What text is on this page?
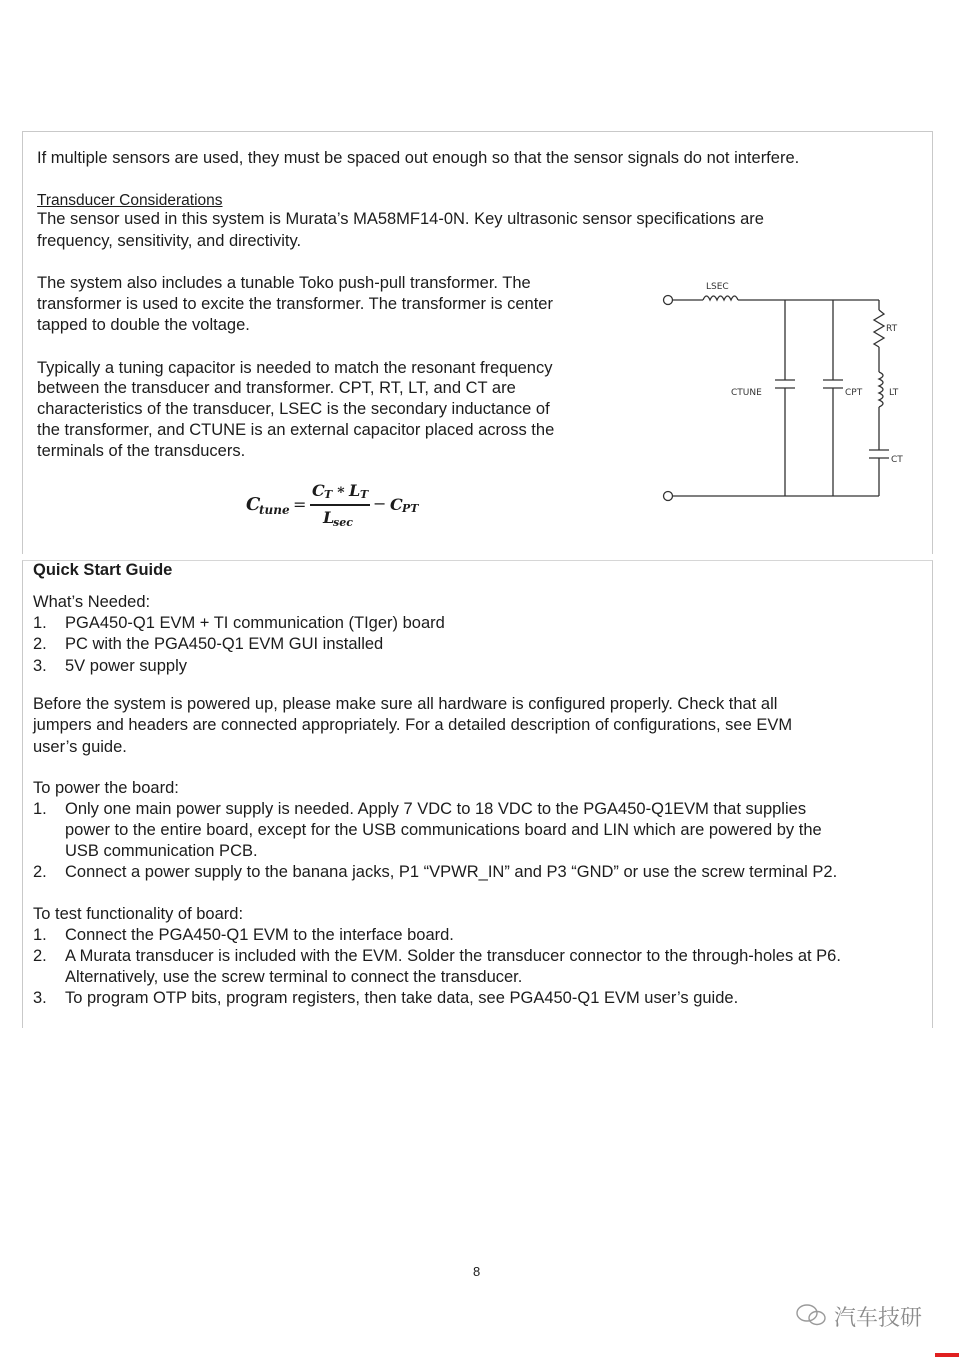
If multiple sensors are used, they must be spaced out enough so that the sensor signals do not interfere.
Transducer Considerations
The sensor used in this system is Murata’s MA58MF14-0N. Key ultrasonic sensor specifications are
frequency, sensitivity, and directivity.
The system also includes a tunable Toko push-pull transformer. The
transformer is used to excite the transformer. The transformer is center
tapped to double the voltage.
Typically a tuning capacitor is needed to match the resonant frequency
between the transducer and transformer. CPT, RT, LT, and CT are
characteristics of the transducer, LSEC is the secondary inductance of
the transformer, and CTUNE is an external capacitor placed across the
terminals of the transducers.
C
tune =
C T ∗ L T
L
sec
− C PT
LSEC
CTUNE	CPT
RT
LT
CT
Quick Start Guide
What’s Needed:
1. PGA450-Q1 EVM + TI communication (TIger) board
2. PC with the PGA450-Q1 EVM GUI installed
3. 5V power supply
Before the system is powered up, please make sure all hardware is configured properly. Check that all
jumpers and headers are connected appropriately. For a detailed description of configurations, see EVM
user’s guide.
To power the board:
1. Only one main power supply is needed. Apply 7 VDC to 18 VDC to the PGA450-Q1EVM that supplies
power to the entire board, except for the USB communications board and LIN which are powered by the
USB communication PCB.
2. Connect a power supply to the banana jacks, P1 “VPWR_IN” and P3 “GND” or use the screw terminal P2.
To test functionality of board:
1. Connect the PGA450-Q1 EVM to the interface board.
2. A Murata transducer is included with the EVM. Solder the transducer connector to the through-holes at P6.
Alternatively, use the screw terminal to connect the transducer.
3. To program OTP bits, program registers, then take data, see PGA450-Q1 EVM user’s guide.
8
汽车技研
